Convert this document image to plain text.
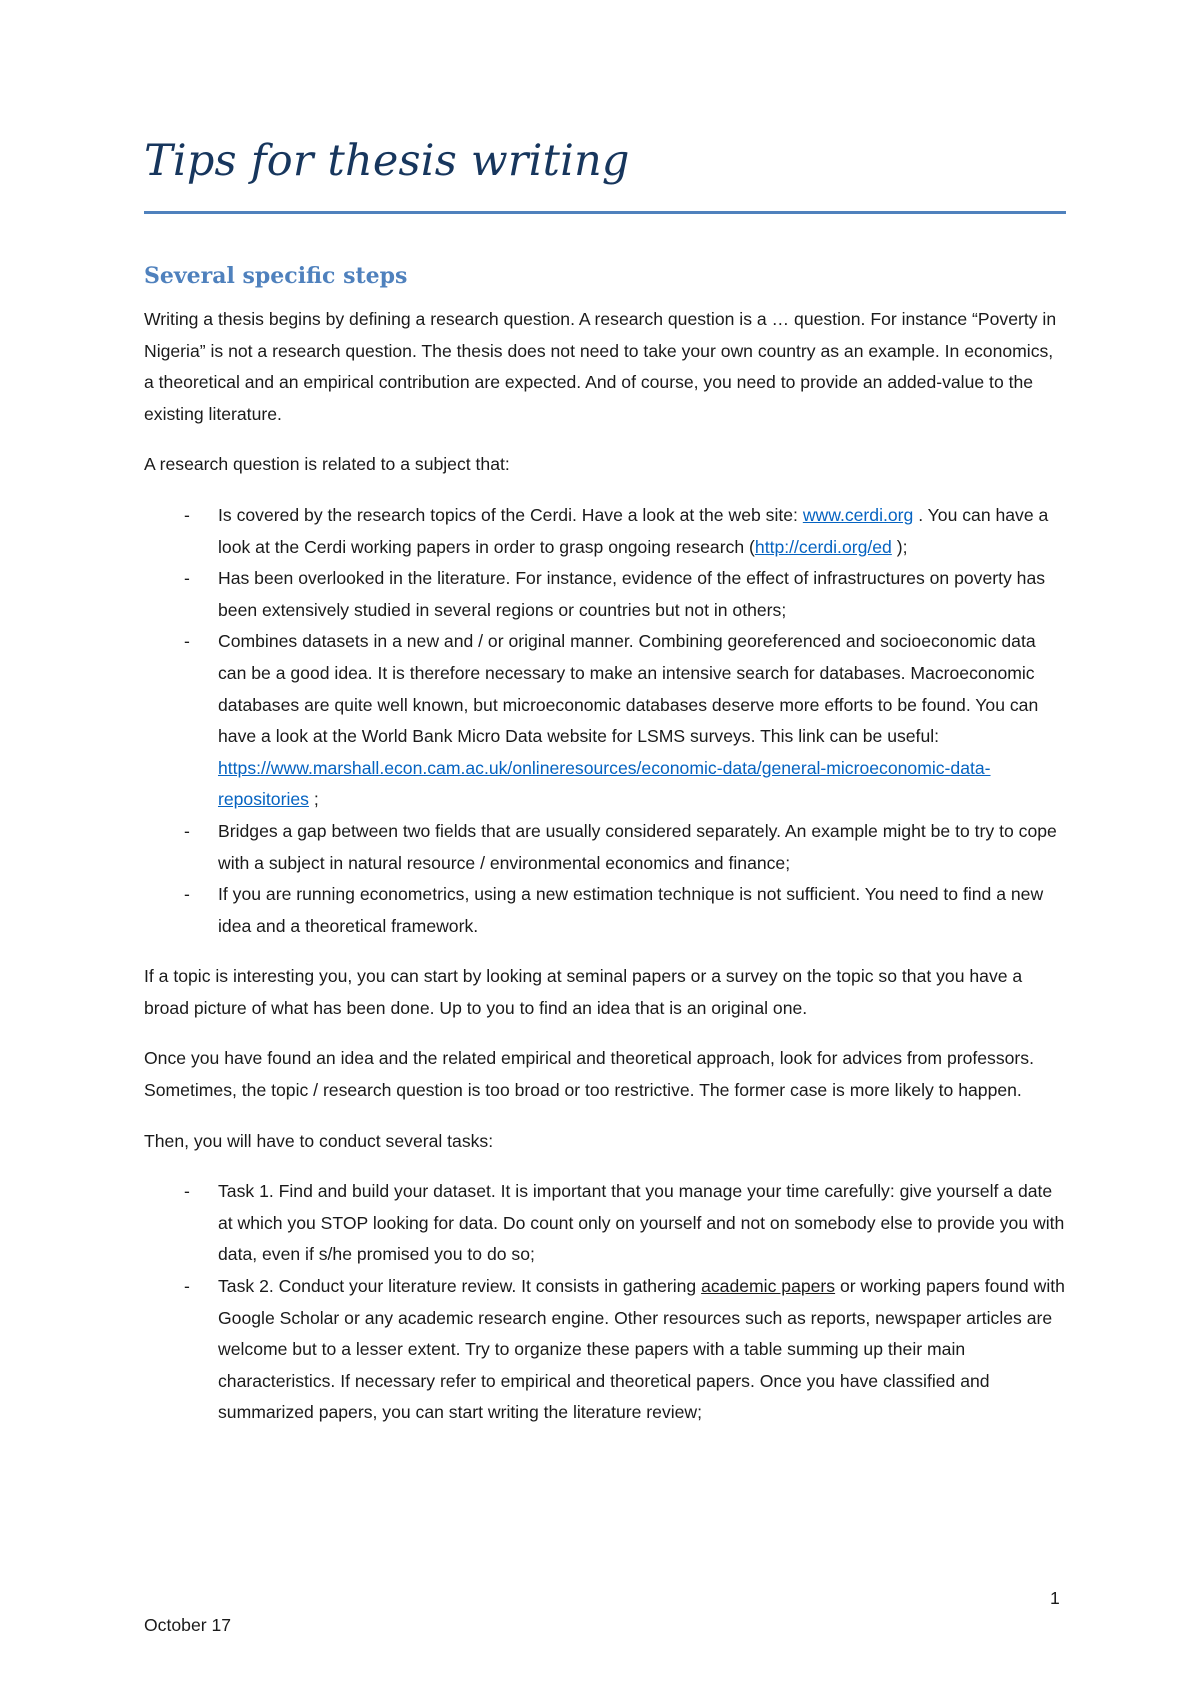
Tips for thesis writing
Several specific steps

Writing a thesis begins by defining a research question. A research question is a … question. For instance “Poverty in Nigeria” is not a research question. The thesis does not need to take your own country as an example. In economics, a theoretical and an empirical contribution are expected. And of course, you need to provide an added-value to the existing literature.

A research question is related to a subject that:

- Is covered by the research topics of the Cerdi. Have a look at the web site: www.cerdi.org . You can have a look at the Cerdi working papers in order to grasp ongoing research (http://cerdi.org/ed );
- Has been overlooked in the literature. For instance, evidence of the effect of infrastructures on poverty has been extensively studied in several regions or countries but not in others;
- Combines datasets in a new and / or original manner. Combining georeferenced and socioeconomic data can be a good idea. It is therefore necessary to make an intensive search for databases. Macroeconomic databases are quite well known, but microeconomic databases deserve more efforts to be found. You can have a look at the World Bank Micro Data website for LSMS surveys. This link can be useful: https://www.marshall.econ.cam.ac.uk/onlineresources/economic-data/general-microeconomic-data-repositories ;
- Bridges a gap between two fields that are usually considered separately. An example might be to try to cope with a subject in natural resource / environmental economics and finance;
- If you are running econometrics, using a new estimation technique is not sufficient. You need to find a new idea and a theoretical framework.

If a topic is interesting you, you can start by looking at seminal papers or a survey on the topic so that you have a broad picture of what has been done. Up to you to find an idea that is an original one.

Once you have found an idea and the related empirical and theoretical approach, look for advices from professors. Sometimes, the topic / research question is too broad or too restrictive. The former case is more likely to happen.

Then, you will have to conduct several tasks:

- Task 1. Find and build your dataset. It is important that you manage your time carefully: give yourself a date at which you STOP looking for data. Do count only on yourself and not on somebody else to provide you with data, even if s/he promised you to do so;
- Task 2. Conduct your literature review. It consists in gathering academic papers or working papers found with Google Scholar or any academic research engine. Other resources such as reports, newspaper articles are welcome but to a lesser extent. Try to organize these papers with a table summing up their main characteristics. If necessary refer to empirical and theoretical papers. Once you have classified and summarized papers, you can start writing the literature review;
1
October 17
